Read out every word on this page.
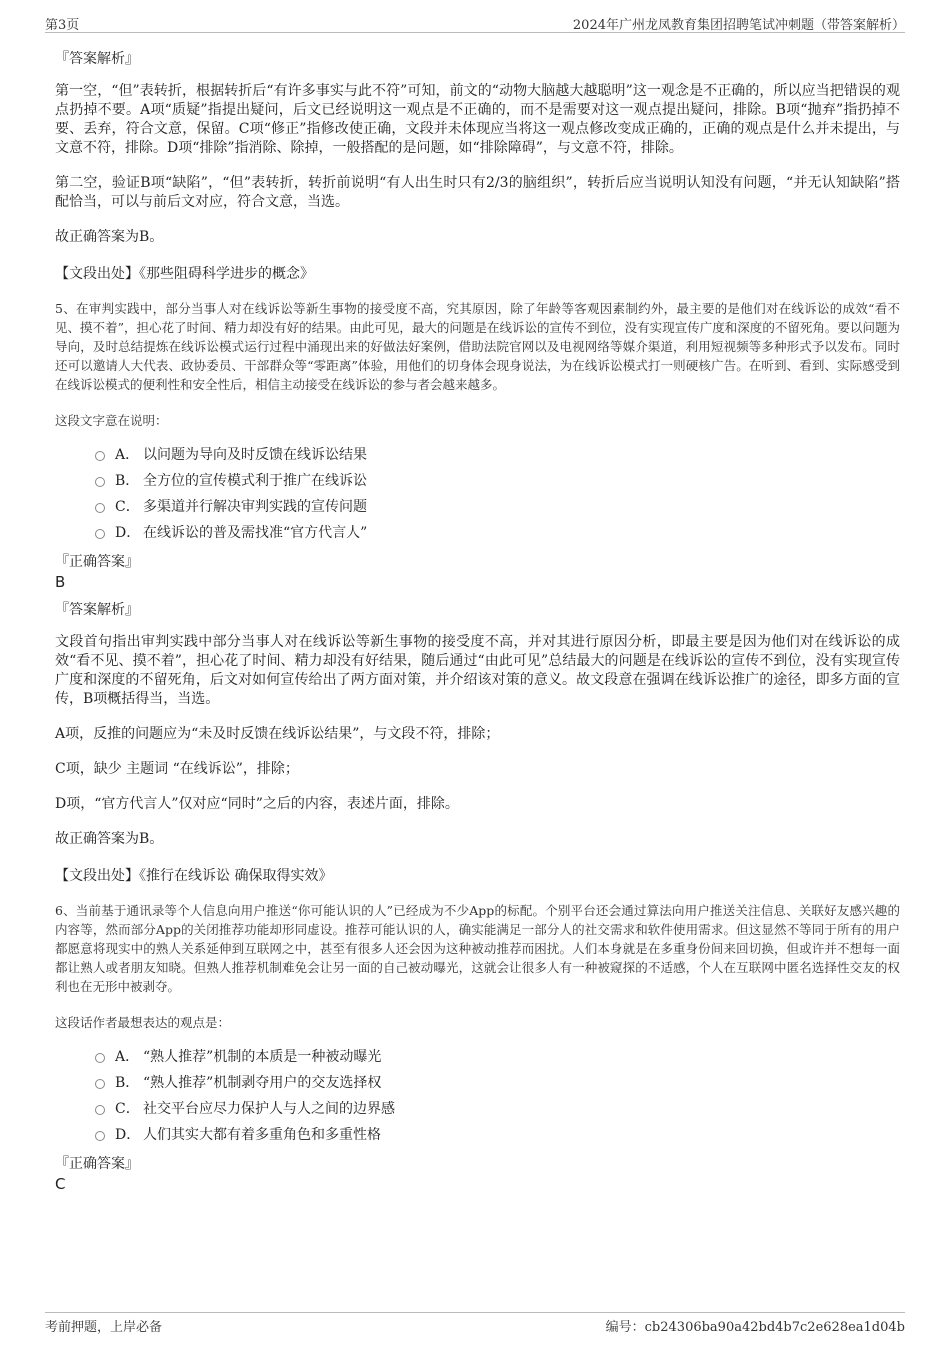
第3页	2024年广州龙凤教育集团招聘笔试冲刺题（带答案解析）
『答案解析』

第一空，“但”表转折，根据转折后“有许多事实与此不符”可知，前文的“动物大脑越大越聪明”这一观念是不正确的，所以应当把错误的观点扔掉不要。A项“质疑”指提出疑问，后文已经说明这一观点是不正确的，而不是需要对这一观点提出疑问，排除。B项“抛弃”指扔掉不要、丢弃，符合文意，保留。C项“修正”指修改使正确，文段并未体现应当将这一观点修改变成正确的，正确的观点是什么并未提出，与文意不符，排除。D项“排除”指消除、除掉，一般搭配的是问题，如“排除障碍”，与文意不符，排除。

第二空，验证B项“缺陷”，“但”表转折，转折前说明“有人出生时只有2/3的脑组织”，转折后应当说明认知没有问题，“并无认知缺陷”搭配恰当，可以与前后文对应，符合文意，当选。

故正确答案为B。

【文段出处】《那些阻碍科学进步的概念》

5、在审判实践中，部分当事人对在线诉讼等新生事物的接受度不高，究其原因，除了年龄等客观因素制约外，最主要的是他们对在线诉讼的成效“看不见、摸不着”，担心花了时间、精力却没有好的结果。由此可见，最大的问题是在线诉讼的宣传不到位，没有实现宣传广度和深度的不留死角。要以问题为导向，及时总结提炼在线诉讼模式运行过程中涌现出来的好做法好案例，借助法院官网以及电视网络等媒介渠道，利用短视频等多种形式予以发布。同时还可以邀请人大代表、政协委员、干部群众等“零距离”体验，用他们的切身体会现身说法，为在线诉讼模式打一则硬核广告。在听到、看到、实际感受到在线诉讼模式的便利性和安全性后，相信主动接受在线诉讼的参与者会越来越多。

这段文字意在说明：

A． 以问题为导向及时反馈在线诉讼结果
B． 全方位的宣传模式利于推广在线诉讼
C． 多渠道并行解决审判实践的宣传问题
D． 在线诉讼的普及需找准“官方代言人”
『正确答案』
B
『答案解析』

文段首句指出审判实践中部分当事人对在线诉讼等新生事物的接受度不高，并对其进行原因分析，即最主要是因为他们对在线诉讼的成效“看不见、摸不着”，担心花了时间、精力却没有好结果，随后通过“由此可见”总结最大的问题是在线诉讼的宣传不到位，没有实现宣传广度和深度的不留死角，后文对如何宣传给出了两方面对策，并介绍该对策的意义。故文段意在强调在线诉讼推广的途径，即多方面的宣传，B项概括得当，当选。

A项，反推的问题应为“未及时反馈在线诉讼结果”，与文段不符，排除；

C项，缺少 主题词 “在线诉讼”，排除；

D项，“官方代言人”仅对应“同时”之后的内容，表述片面，排除。

故正确答案为B。

【文段出处】《推行在线诉讼 确保取得实效》

6、当前基于通讯录等个人信息向用户推送“你可能认识的人”已经成为不少App的标配。个别平台还会通过算法向用户推送关注信息、关联好友感兴趣的内容等，然而部分App的关闭推荐功能却形同虚设。推荐可能认识的人，确实能满足一部分人的社交需求和软件使用需求。但这显然不等同于所有的用户都愿意将现实中的熟人关系延伸到互联网之中，甚至有很多人还会因为这种被动推荐而困扰。人们本身就是在多重身份间来回切换，但或许并不想每一面都让熟人或者朋友知晓。但熟人推荐机制难免会让另一面的自己被动曝光，这就会让很多人有一种被窥探的不适感，个人在互联网中匿名选择性交友的权利也在无形中被剥夺。

这段话作者最想表达的观点是：

A． “熟人推荐”机制的本质是一种被动曝光
B． “熟人推荐”机制剥夺用户的交友选择权
C． 社交平台应尽力保护人与人之间的边界感
D． 人们其实大都有着多重角色和多重性格
『正确答案』
C
考前押题，上岸必备	编号：cb24306ba90a42bd4b7c2e628ea1d04b
